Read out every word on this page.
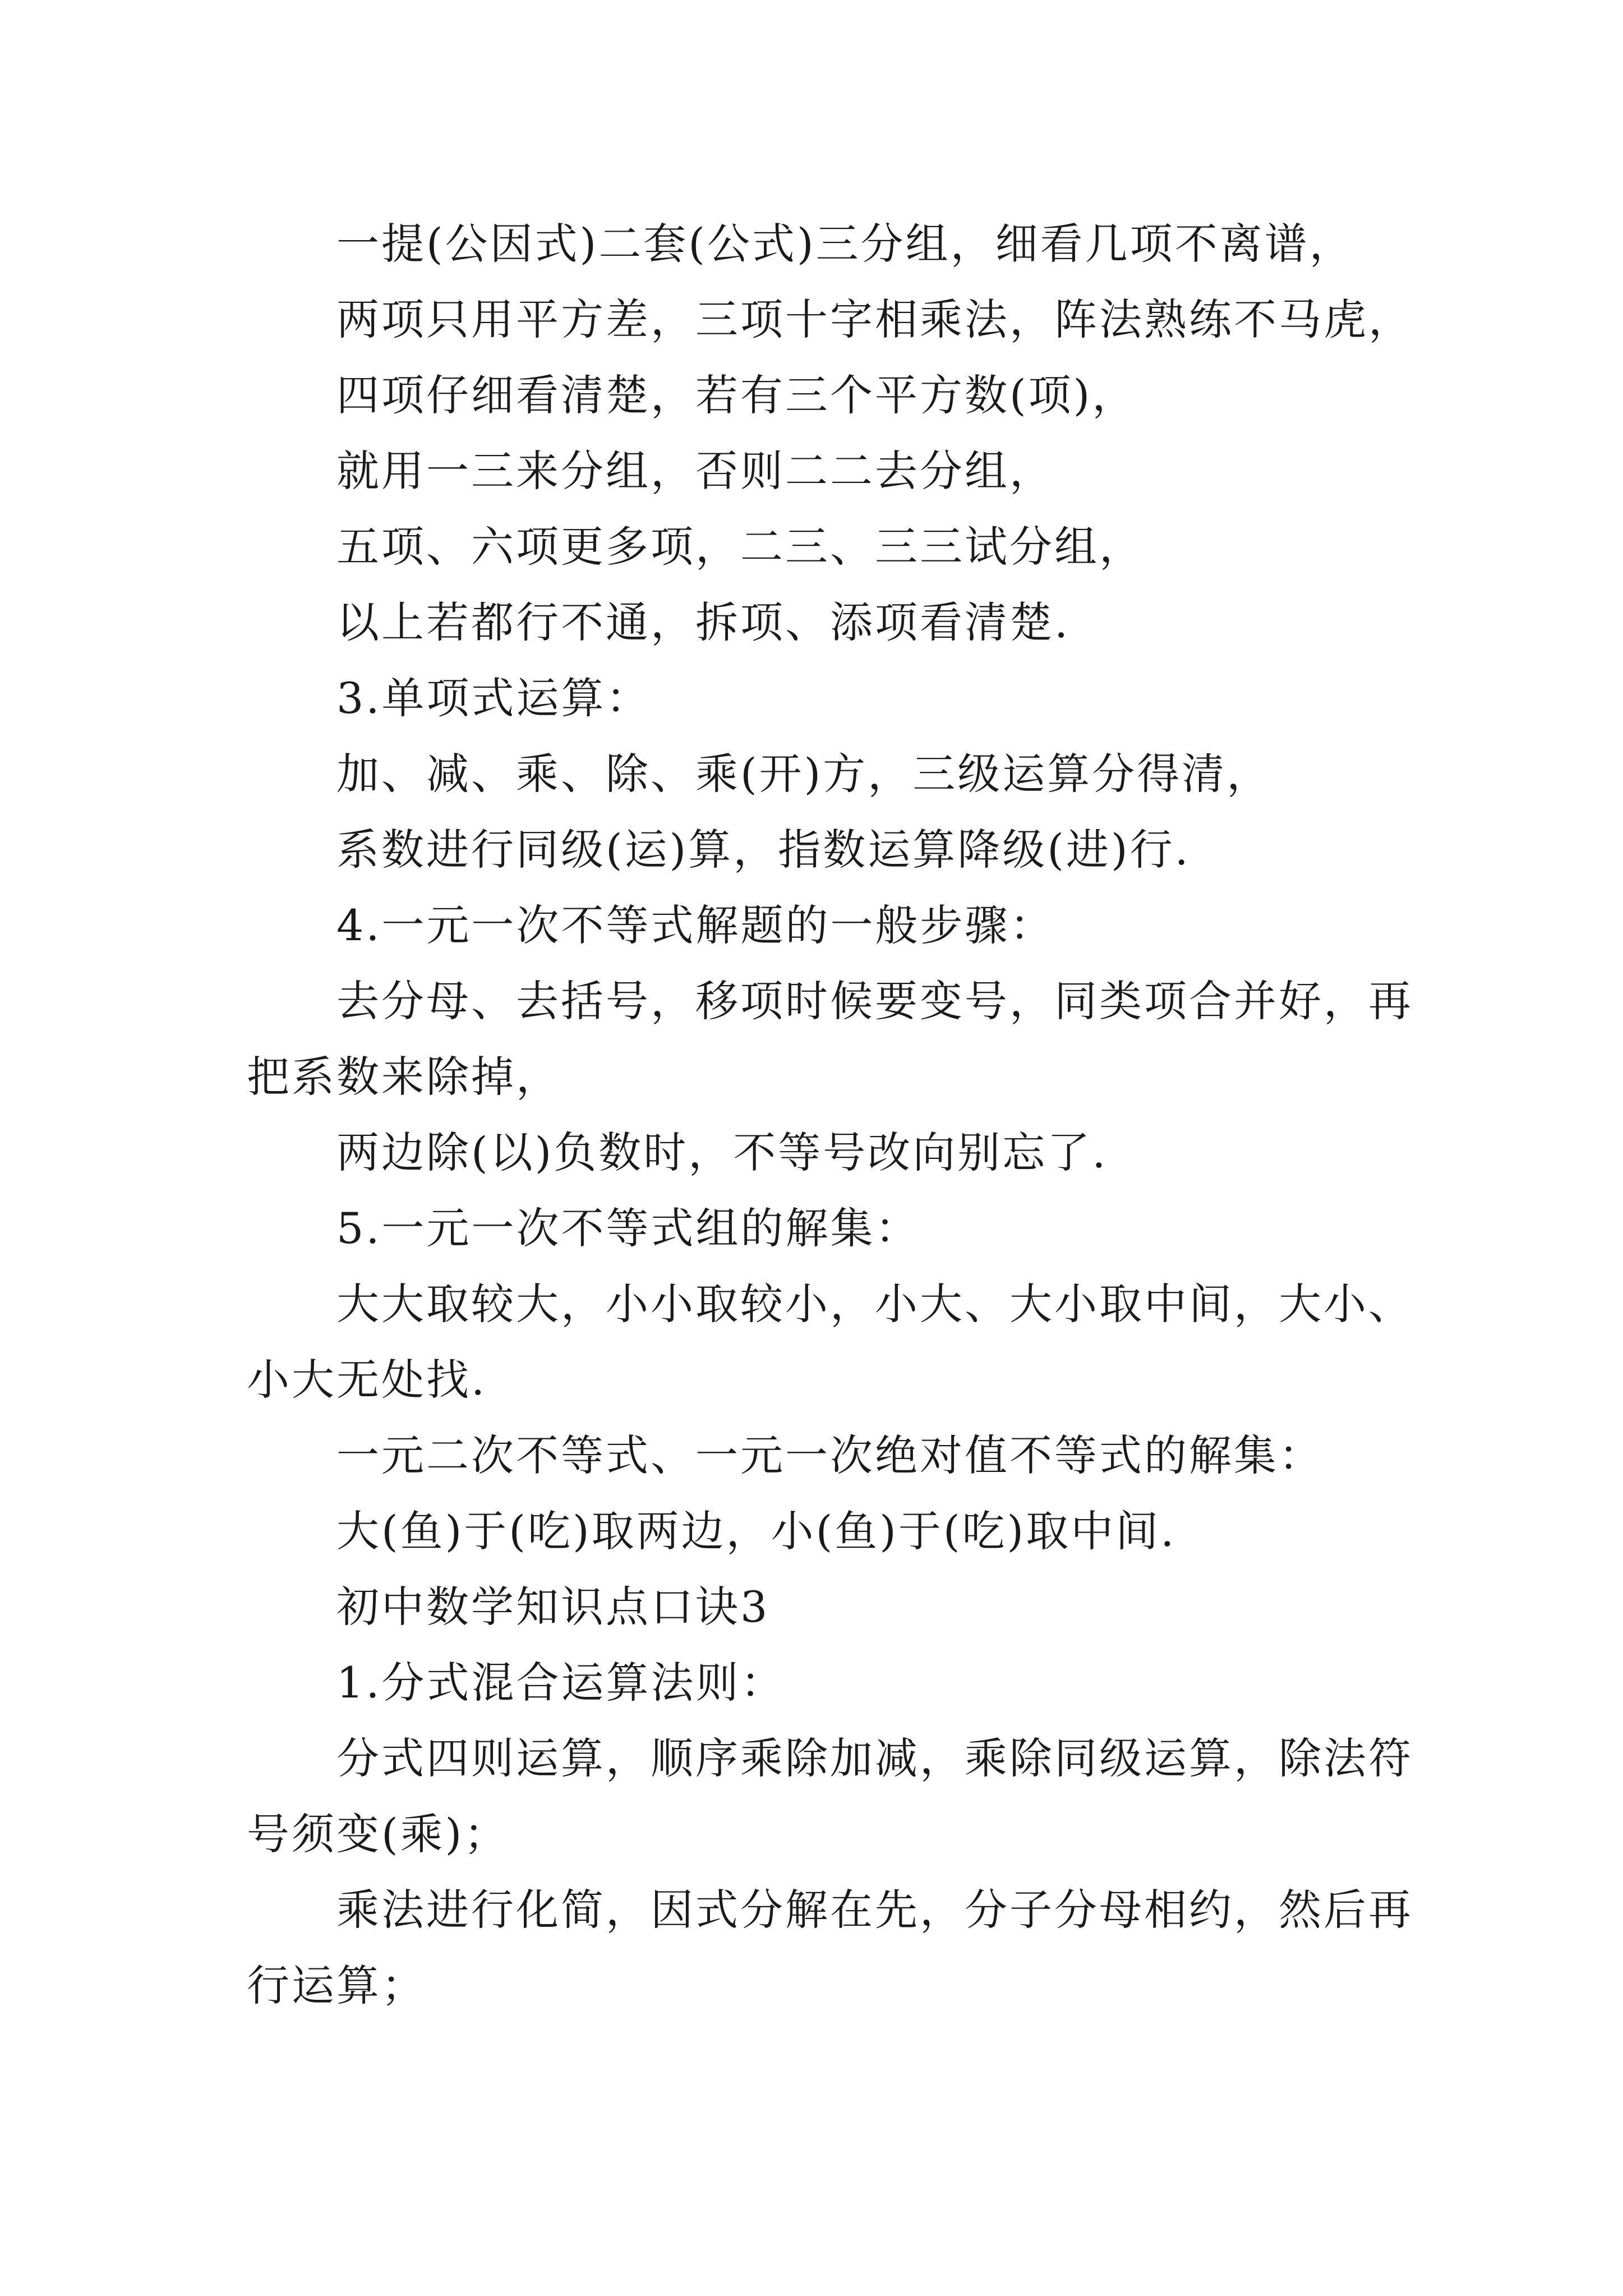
一提(公因式)二套(公式)三分组，细看几项不离谱，
两项只用平方差，三项十字相乘法，阵法熟练不马虎，
四项仔细看清楚，若有三个平方数(项)，
就用一三来分组，否则二二去分组，
五项、六项更多项，二三、三三试分组，
以上若都行不通，拆项、添项看清楚.
3.单项式运算：
加、减、乘、除、乘(开)方，三级运算分得清，
系数进行同级(运)算，指数运算降级(进)行.
4.一元一次不等式解题的一般步骤：
去分母、去括号，移项时候要变号，同类项合并好，再
把系数来除掉，
两边除(以)负数时，不等号改向别忘了.
5.一元一次不等式组的解集：
大大取较大，小小取较小，小大、大小取中间，大小、
小大无处找.
一元二次不等式、一元一次绝对值不等式的解集：
大(鱼)于(吃)取两边，小(鱼)于(吃)取中间.
初中数学知识点口诀3
1.分式混合运算法则：
分式四则运算，顺序乘除加减，乘除同级运算，除法符
号须变(乘)；
乘法进行化简，因式分解在先，分子分母相约，然后再
行运算；
